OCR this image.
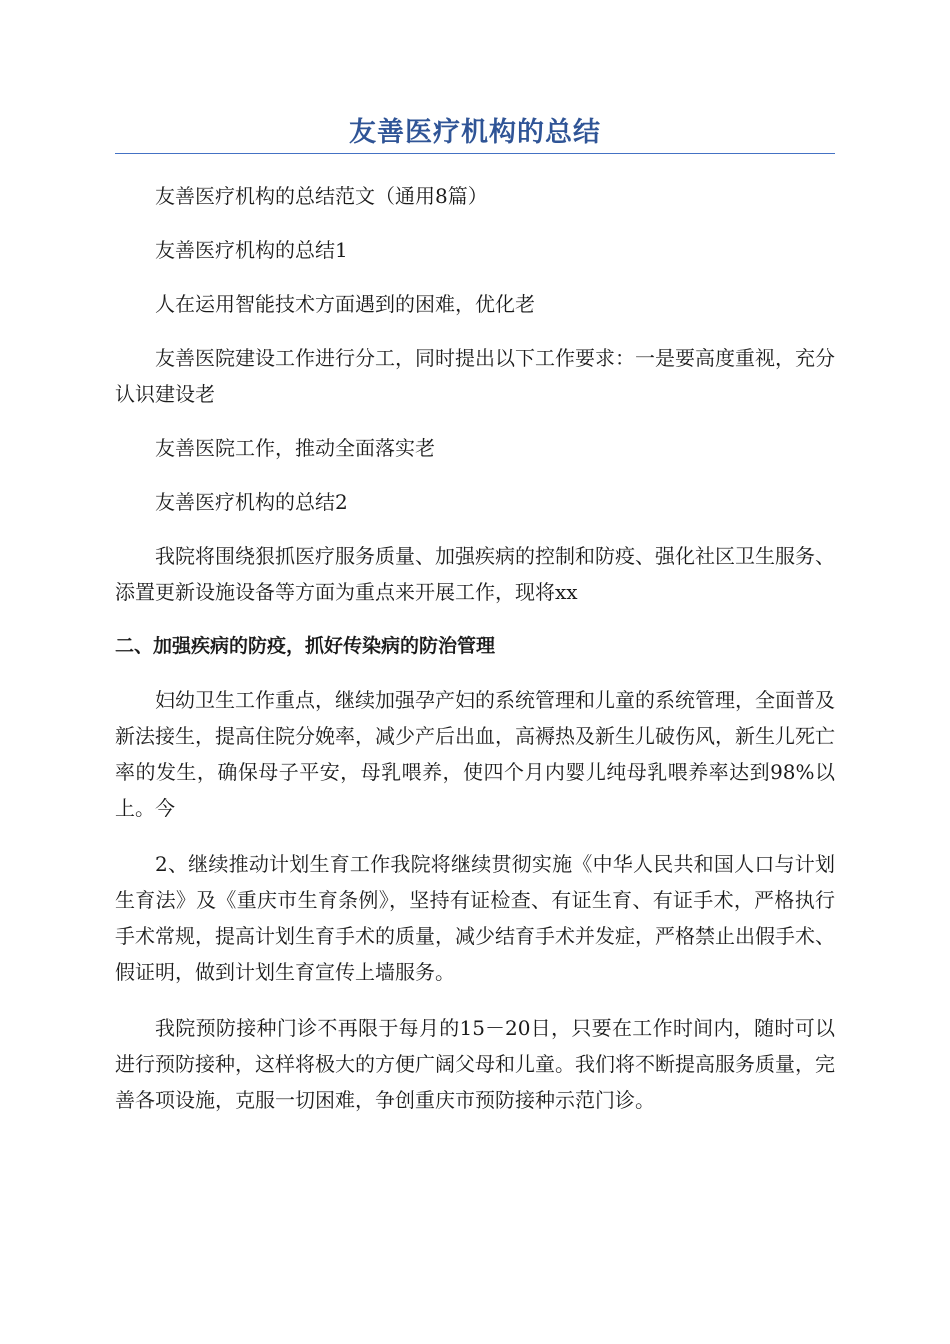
友善医疗机构的总结

友善医疗机构的总结范文（通用8篇）

友善医疗机构的总结1

人在运用智能技术方面遇到的困难，优化老

友善医院建设工作进行分工，同时提出以下工作要求：一是要高度重视，充分认识建设老

友善医院工作，推动全面落实老

友善医疗机构的总结2

我院将围绕狠抓医疗服务质量、加强疾病的控制和防疫、强化社区卫生服务、添置更新设施设备等方面为重点来开展工作，现将xx

二、加强疾病的防疫，抓好传染病的防治管理

妇幼卫生工作重点，继续加强孕产妇的系统管理和儿童的系统管理，全面普及新法接生，提高住院分娩率，减少产后出血，高褥热及新生儿破伤风，新生儿死亡率的发生，确保母子平安，母乳喂养，使四个月内婴儿纯母乳喂养率达到98%以上。今

2、继续推动计划生育工作我院将继续贯彻实施《中华人民共和国人口与计划生育法》及《重庆市生育条例》，坚持有证检查、有证生育、有证手术，严格执行手术常规，提高计划生育手术的质量，减少结育手术并发症，严格禁止出假手术、假证明，做到计划生育宣传上墙服务。

我院预防接种门诊不再限于每月的15－20日，只要在工作时间内，随时可以进行预防接种，这样将极大的方便广阔父母和儿童。我们将不断提高服务质量，完善各项设施，克服一切困难，争创重庆市预防接种示范门诊。
